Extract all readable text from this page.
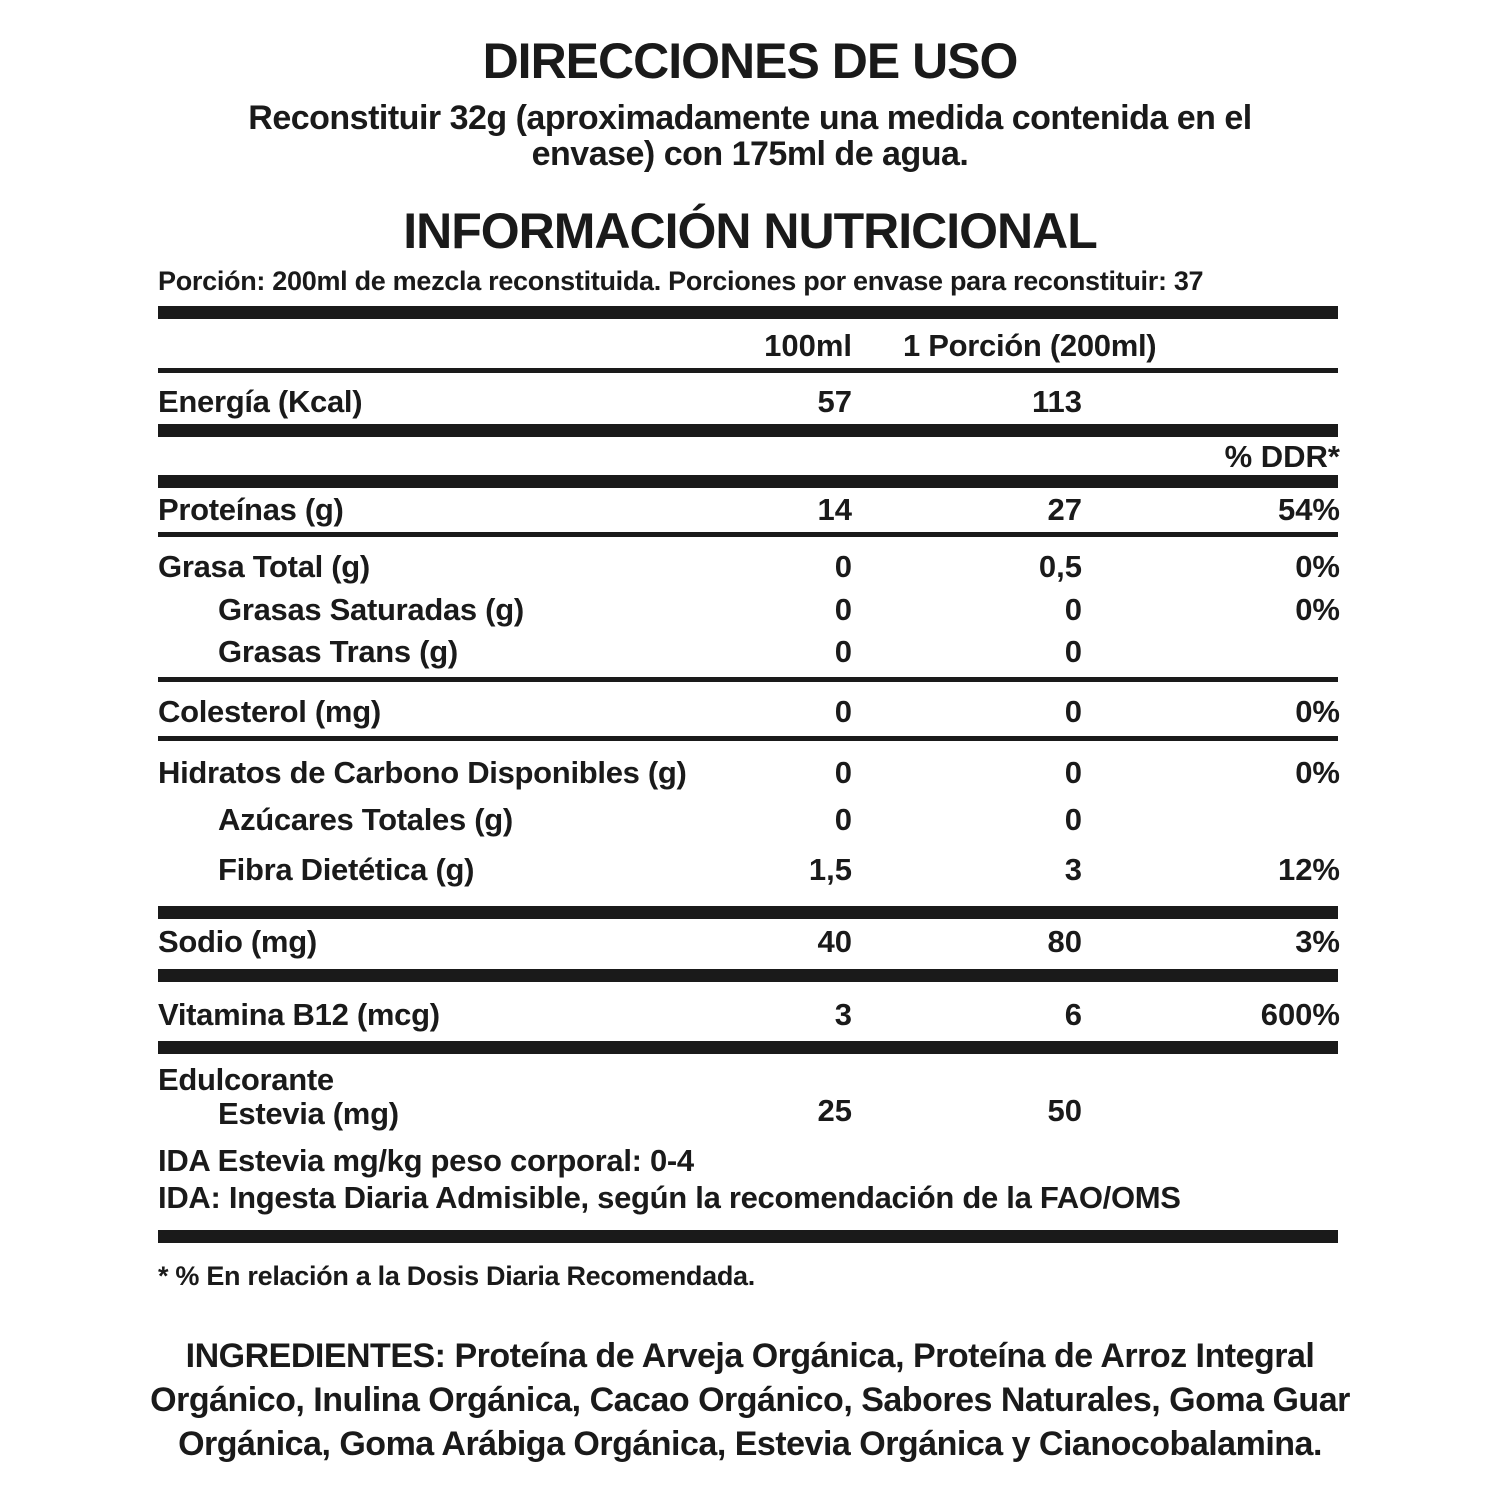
DIRECCIONES DE USO
Reconstituir 32g (aproximadamente una medida contenida en el
envase) con 175ml de agua.
INFORMACIÓN NUTRICIONAL
Porción: 200ml de mezcla reconstituida. Porciones por envase para reconstituir: 37
100ml 1 Porción (200ml)
Energía (Kcal)	57	113
% DDR*
Proteínas (g)	14	27	54%
Grasa Total (g)	0	0,5	0%
Grasas Saturadas (g)	0	0	0%
Grasas Trans (g)	0	0
Colesterol (mg)	0	0	0%
Hidratos de Carbono Disponibles (g)	0	0	0%
Azúcares Totales (g)	0	0
Fibra Dietética (g)	1,5	3	12%
Sodio (mg)	40	80	3%
Vitamina B12 (mcg)	3	6	600%
Edulcorante
Estevia (mg)	25	50
IDA Estevia mg/kg peso corporal: 0-4
IDA: Ingesta Diaria Admisible, según la recomendación de la FAO/OMS
* % En relación a la Dosis Diaria Recomendada.
INGREDIENTES: Proteína de Arveja Orgánica, Proteína de Arroz Integral
Orgánico, Inulina Orgánica, Cacao Orgánico, Sabores Naturales, Goma Guar
Orgánica, Goma Arábiga Orgánica, Estevia Orgánica y Cianocobalamina.
